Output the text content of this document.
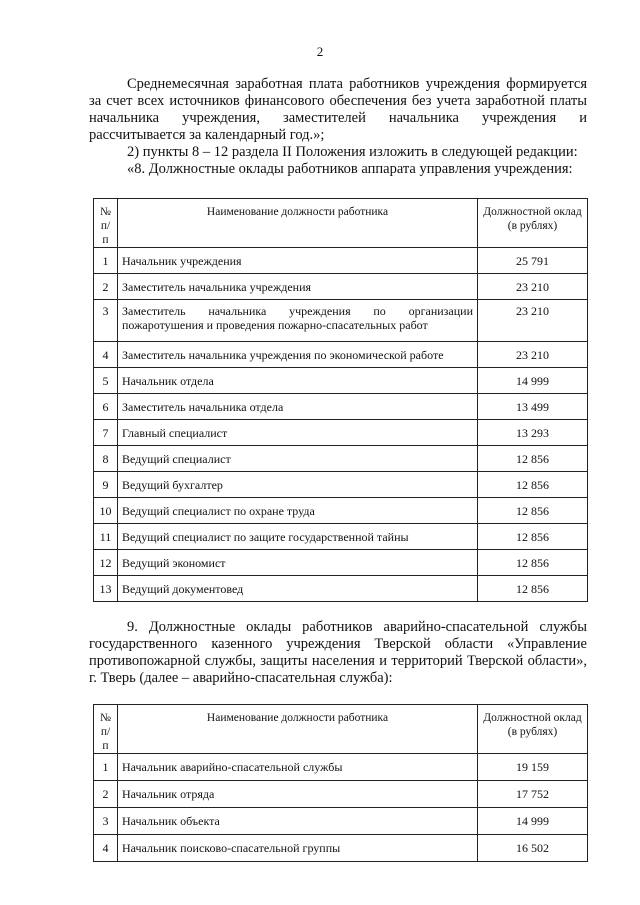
2

Среднемесячная заработная плата работников учреждения формируется за счет всех источников финансового обеспечения без учета заработной платы начальника учреждения, заместителей начальника учреждения и рассчитывается за календарный год.»;

2) пункты 8 – 12 раздела II Положения изложить в следующей редакции:

«8. Должностные оклады работников аппарата управления учреждения:

№ п/п	Наименование должности работника	Должностной оклад (в рублях)
1	Начальник учреждения	25 791
2	Заместитель начальника учреждения	23 210
3	Заместитель начальника учреждения по организации
пожаротушения и проведения пожарно-спасательных работ	23 210
4	Заместитель начальника учреждения по экономической работе	23 210
5	Начальник отдела	14 999
6	Заместитель начальника отдела	13 499
7	Главный специалист	13 293
8	Ведущий специалист	12 856
9	Ведущий бухгалтер	12 856
10	Ведущий специалист по охране труда	12 856
11	Ведущий специалист по защите государственной тайны	12 856
12	Ведущий экономист	12 856
13	Ведущий документовед	12 856

9. Должностные оклады работников аварийно-спасательной службы государственного казенного учреждения Тверской области «Управление противопожарной службы, защиты населения и территорий Тверской области», г. Тверь (далее – аварийно-спасательная служба):

№ п/п	Наименование должности работника	Должностной оклад (в рублях)
1	Начальник аварийно-спасательной службы	19 159
2	Начальник отряда	17 752
3	Начальник объекта	14 999
4	Начальник поисково-спасательной группы	16 502
